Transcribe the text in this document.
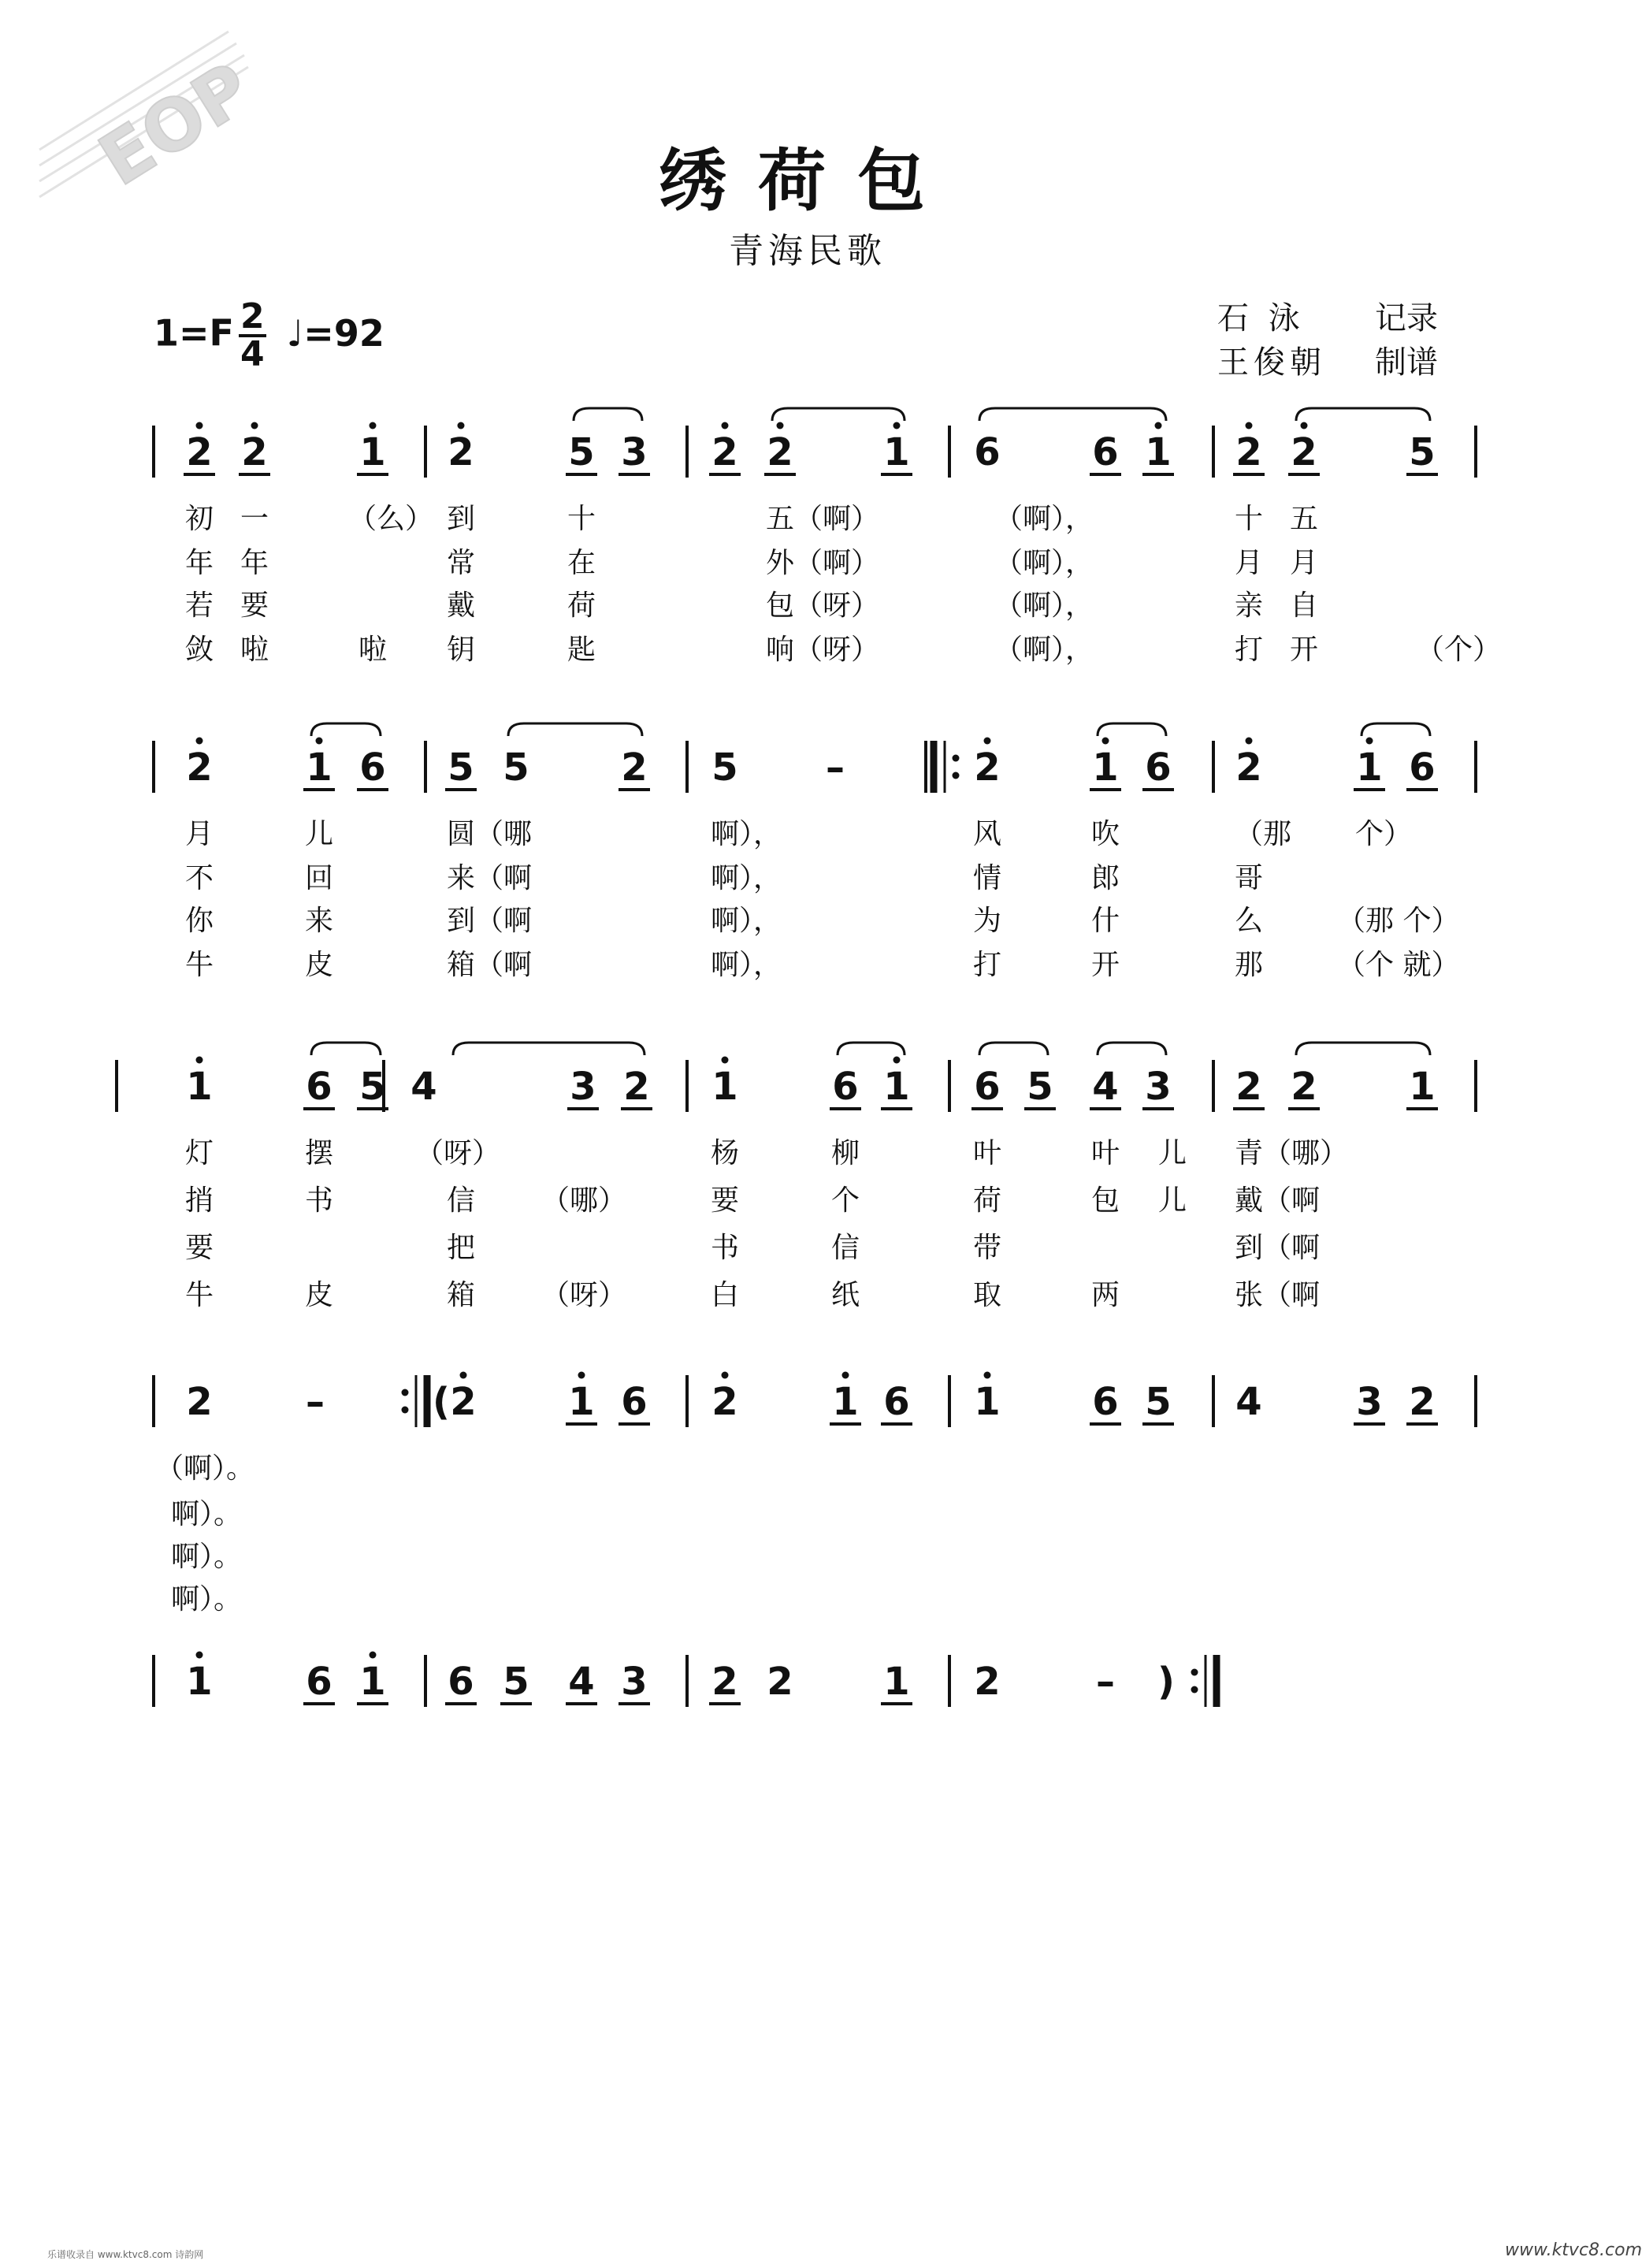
EOP	绣荷包
青海民歌
$1=F \frac{2}{4}$ ♩=92	石 泳 记录
王俊朝 制谱
2 2 1 2 5 3 2 2 1 6 6 1 2 2 5
初 一	（么） 到	十	五（啊）	（啊），	十 五
年 年	常	在	外（啊）	（啊），	月 月
若 要	戴	荷	包（呀）	（啊），	亲 自
敛 啦	啦 钥	匙	响（呀）	（啊），	打 开	（个）
2 1 6 5 5 2 5 –	2 1 6 2 1 6
月	儿	圆（哪	啊），	风	吹	（那 个）
不	回	来（啊	啊），	情	郎	哥
你	来	到（啊	啊），	为	什	么	（那 个）
牛	皮	箱（啊	啊），	打	开	那	（个 就）
1 6 5 4	3 2 1 6 1 6 5 4 3 2 2 1
灯	摆	（呀）	杨	柳	叶	叶 儿 青（哪）
捎	书	信 （哪）	要	个	荷	包 儿 戴（啊
要	把	书	信	带	到（啊
牛	皮	箱 （呀）	白	纸	取	两	张（啊
2 –	2 1 6 2 1 6 1 6 5 4 3 2
（啊）。
啊）。
啊）。
啊）。
1 6 1 6 5 4 3 2 2 1 2	– )
(
乐谱收录自 www.ktvc8.com 诗韵网	www.ktvc8.com
